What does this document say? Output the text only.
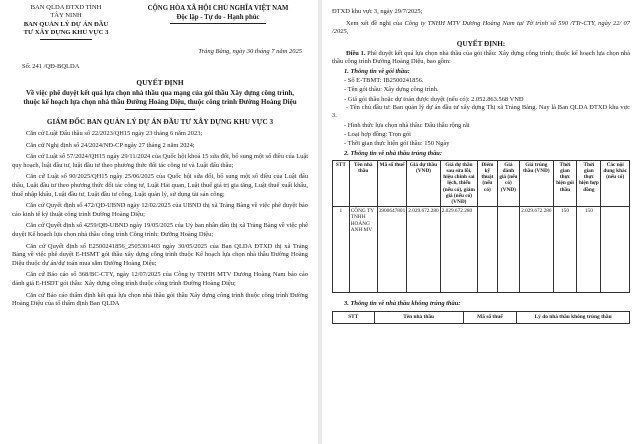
BAN QLDA ĐTXD TỈNH
TÂY NINH
BAN QUẢN LÝ DỰ ÁN ĐẦU
TƯ XÂY DỰNG KHU VỰC 3
CỘNG HÒA XÃ HỘI CHỦ NGHĨA VIỆT NAM
Độc lập - Tự do - Hạnh phúc
Trảng Bàng, ngày 30 tháng 7 năm 2025
Số: 241 /QĐ-BQLDA
QUYẾT ĐỊNH
Về việc phê duyệt kết quả lựa chọn nhà thầu qua mạng của gói thầu Xây dựng công trình, thuộc kế hoạch lựa chọn nhà thầu Đường Hoàng Diệu, thuộc công trình Đường Hoàng Diệu
GIÁM ĐỐC BAN QUẢN LÝ DỰ ÁN ĐẦU TƯ XÂY DỰNG KHU VỰC 3

Căn cứ Luật Đấu thầu số 22/2023/QH15 ngày 23 tháng 6 năm 2023;

Căn cứ Nghị định số 24/2024/NĐ-CP ngày 27 tháng 2 năm 2024;

Căn cứ Luật số 57/2024/QH15 ngày 29/11/2024 của Quốc hội khoá 15 sửa đổi, bổ sung một số điều của Luật quy hoạch, luật đầu tư, luật đầu tư theo phương thức đối tác công tư và Luật đấu thầu;

Căn cứ Luật số 90/2025/QH15 ngày 25/06/2025 của Quốc hội sửa đổi, bổ sung một số điều của Luật đấu thầu, Luật đầu tư theo phương thức đối tác công tư, Luật Hải quan, Luật thuế giá trị gia tăng, Luật thuế xuất khẩu, thuế nhập khẩu, Luật đầu tư, Luật đầu tư công, Luật quản lý, sử dụng tài sản công;

Căn cứ Quyết định số 472/QĐ-UBND ngày 12/02/2025 của UBND thị xã Trảng Bàng về việc phê duyệt báo cáo kinh tế kỹ thuật công trình Đường Hoàng Diệu;

Căn cứ Quyết định số 4259/QĐ-UBND ngày 19/05/2025 của Uỷ ban nhân dân thị xã Trảng Bàng về việc phê duyệt Kế hoạch lựa chọn nhà thầu công trình Công trình: Đường Hoàng Diệu;

Căn cứ Quyết định số E2500241856_2505301403 ngày 30/05/2025 của Ban QLDA ĐTXD thị xã Trảng Bàng về việc phê duyệt E-HSMT gói thầu xây dựng công trình thuộc Kế hoạch lựa chọn nhà thầu Đường Hoàng Diệu thuộc dự án/dự toán mua sắm Đường Hoàng Diệu;

Căn cứ Báo cáo số 368/BC-CTY, ngày 12/07/2025 của Công ty TNHH MTV Dương Hoàng Nam báo cáo đánh giá E-HSDT gói thầu: Xây dựng công trình thuộc công trình Đường Hoàng Diệu;

Căn cứ Báo cáo thẩm định kết quả lựa chọn nhà thầu gói thầu Xây dựng công trình thuộc công trình Đường Hoàng Diệu của tổ thẩm định Ban QLDA

ĐTXD khu vực 3, ngày 29/7/2025;

Xem xét đề nghị của Công ty TNHH MTV Dương Hoàng Nam tại Tờ trình số 590 /TTr-CTY, ngày 22/ 07 /2025,

QUYẾT ĐỊNH:

Điều 1. Phê duyệt kết quả lựa chọn nhà thầu của gói thầu: Xây dựng công trình; thuộc kế hoạch lựa chọn nhà thầu công trình Đường Hoàng Diệu, bao gồm:

1. Thông tin về gói thầu:
- Số E-TBMT: IB2500241856.
- Tên gói thầu: Xây dựng công trình.
- Giá gói thầu hoặc dự toán được duyệt (nếu có): 2.052.863.568 VNĐ
- Tên chủ đầu tư: Ban quản lý dự án đầu tư xây dựng Thị xã Trảng Bàng. Nay là Ban QLDA ĐTXD khu vực 3.
- Hình thức lựa chọn nhà thầu: Đấu thầu rộng rãi
- Loại hợp đồng: Trọn gói
- Thời gian thực hiện gói thầu: 150 Ngày
2. Thông tin về nhà thầu trúng thầu:
STT	Tên nhà thầu	Mã số thuế	Giá dự thầu (VNĐ)	Giá dự thầu sau sửa lỗi, hiệu chỉnh sai lệch, thiếu (nếu có), giảm giá (nếu có) (VNĐ)	Điểm kỹ thuật (nếu có)	Giá đánh giá (nếu có) (VNĐ)	Giá trúng thầu (VNĐ)	Thời gian thực hiện gói thầu	Thời gian thực hiện hợp đồng	Các nội dung khác (nếu có)
1	CÔNG TY TNHH HOÀNG ANH MV	3900647801	2.029.672.280	2.029.672.280			2.029.672.280	150	150	
3. Thông tin về nhà thầu không trúng thầu:
STT	Tên nhà thầu	Mã số thuế	Lý do nhà thầu không trúng thầu
